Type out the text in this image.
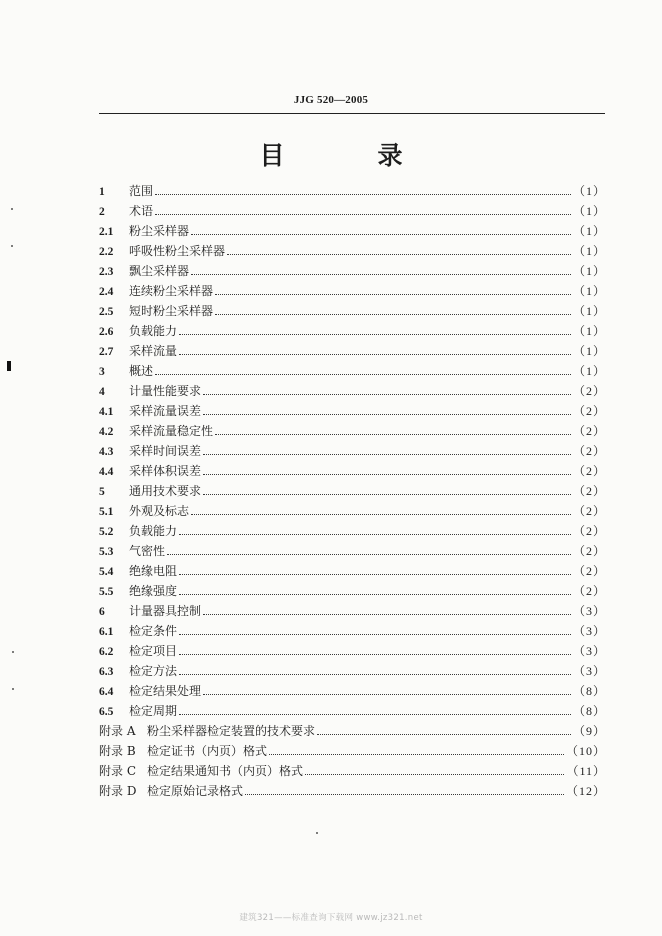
JJG 520—2005
目　录
1	范围	（1）
2	术语	（1）
2.1	粉尘采样器	（1）
2.2	呼吸性粉尘采样器	（1）
2.3	飘尘采样器	（1）
2.4	连续粉尘采样器	（1）
2.5	短时粉尘采样器	（1）
2.6	负载能力	（1）
2.7	采样流量	（1）
3	概述	（1）
4	计量性能要求	（2）
4.1	采样流量误差	（2）
4.2	采样流量稳定性	（2）
4.3	采样时间误差	（2）
4.4	采样体积误差	（2）
5	通用技术要求	（2）
5.1	外观及标志	（2）
5.2	负载能力	（2）
5.3	气密性	（2）
5.4	绝缘电阻	（2）
5.5	绝缘强度	（2）
6	计量器具控制	（3）
6.1	检定条件	（3）
6.2	检定项目	（3）
6.3	检定方法	（3）
6.4	检定结果处理	（8）
6.5	检定周期	（8）
附录 A 粉尘采样器检定装置的技术要求	（9）
附录 B 检定证书（内页）格式	（10）
附录 C 检定结果通知书（内页）格式	（11）
附录 D 检定原始记录格式	（12）
建筑321——标准查询下载网 www.jz321.net
